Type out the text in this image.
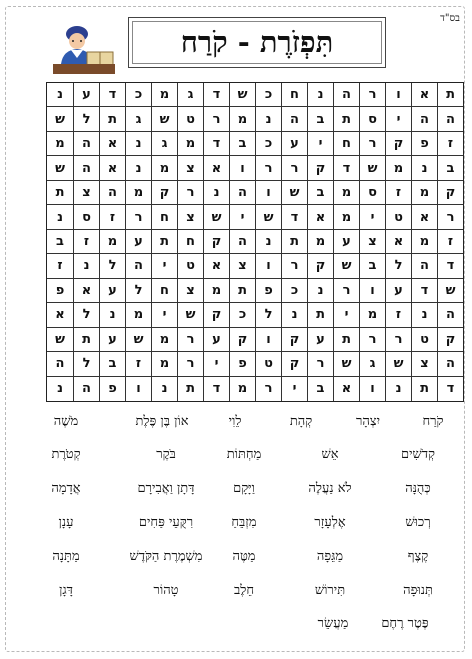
בס"ד
תִּפְזֹרֶת - קֹרַח
ת
א
ו
ר
ה
נ
ח
כ
ש
ד
ג
מ
כ
ד
ע
נ
ה
ה
י
ס
ת
ב
ה
נ
מ
ר
ט
ש
ג
ת
ל
ש
ז
פ
ק
ר
ח
י
ע
כ
ב
ד
מ
ג
נ
א
ה
מ
ב
נ
מ
ש
ד
ק
ר
ר
ו
א
צ
מ
נ
א
ה
ש
ק
מ
ז
ס
מ
ב
ש
ו
ה
נ
ר
ק
מ
ה
צ
ת
ר
א
ט
י
מ
א
ד
ש
י
ש
צ
ח
ר
ז
ס
נ
ז
מ
א
צ
ע
מ
ת
נ
ה
ק
ח
ת
ע
מ
ז
ב
ד
ה
ל
ב
ש
ק
ר
ו
צ
א
ט
י
ה
ל
נ
ז
ש
ד
ע
ו
ר
נ
כ
פ
ת
מ
צ
ח
ל
ע
א
פ
ה
נ
ז
מ
י
ת
נ
ל
כ
ק
ש
י
מ
נ
ל
א
ק
ט
ר
ר
ת
ע
ק
ו
ק
ע
ר
מ
ש
ע
ת
ש
ה
צ
ש
ג
ש
ר
ק
ט
פ
י
ר
מ
ז
ב
ל
ה
ד
ת
נ
ו
א
ב
י
ר
מ
ד
ת
נ
ו
פ
ה
נ
קֹרַח
יִצְהָר
קְהָת
לֵוִי
אוֹן בֶּן פֶּלֶת
מֹשֶׁה
קְדֹשִׁים
אֵשׁ
מַחְתּוֹת
בֹּקֶר
קְטֹרֶת
כְּהֻנָּה
לֹא נַעֲלֶה
וַיָּקָם
דָּתָן וַאֲבִירָם
אֲדָמָה
רְכוּשׁ
אֶלְעָזָר
מִזְבֵּחַ
רִקֻּעֵי פַּחִים
עָנָן
קֶצֶף
מַגֵּפָה
מַטֶּה
מִשְׁמֶרֶת הַקֹּדֶשׁ
מַתָּנָה
תְּנוּפָה
תִּירוֹשׁ
חֵלֶב
טָהוֹר
דָּגָן
פֶּטֶר רֶחֶם
מַעֲשֵׂר
